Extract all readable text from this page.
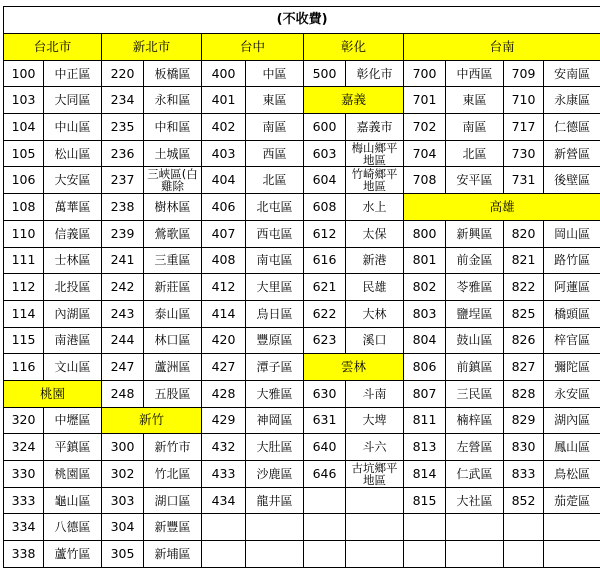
(不收費)											
台北市		新北市		台中		彰化		台南			
100	中正區	220	板橋區	400	中區	500	彰化市	700	中西區	709	安南區
103	大同區	234	永和區	401	東區	嘉義		701	東區	710	永康區
104	中山區	235	中和區	402	南區	600	嘉義市	702	南區	717	仁德區
105	松山區	236	土城區	403	西區	603	梅山鄉平地區	704	北區	730	新營區
106	大安區	237	三峽區(白雞除	404	北區	604	竹崎鄉平地區	708	安平區	731	後壁區
108	萬華區	238	樹林區	406	北屯區	608	水上	高雄			
110	信義區	239	鶯歌區	407	西屯區	612	太保	800	新興區	820	岡山區
111	士林區	241	三重區	408	南屯區	616	新港	801	前金區	821	路竹區
112	北投區	242	新莊區	412	大里區	621	民雄	802	苓雅區	822	阿蓮區
114	內湖區	243	泰山區	414	烏日區	622	大林	803	鹽埕區	825	橋頭區
115	南港區	244	林口區	420	豐原區	623	溪口	804	鼓山區	826	梓官區
116	文山區	247	蘆洲區	427	潭子區	雲林		806	前鎮區	827	彌陀區
桃園		248	五股區	428	大雅區	630	斗南	807	三民區	828	永安區
320	中壢區	新竹		429	神岡區	631	大埤	811	楠梓區	829	湖內區
324	平鎮區	300	新竹市	432	大肚區	640	斗六	813	左營區	830	鳳山區
330	桃園區	302	竹北區	433	沙鹿區	646	古坑鄉平地區	814	仁武區	833	鳥松區
333	龜山區	303	湖口區	434	龍井區			815	大社區	852	茄萣區
334	八德區	304	新豐區								
338	蘆竹區	305	新埔區								
